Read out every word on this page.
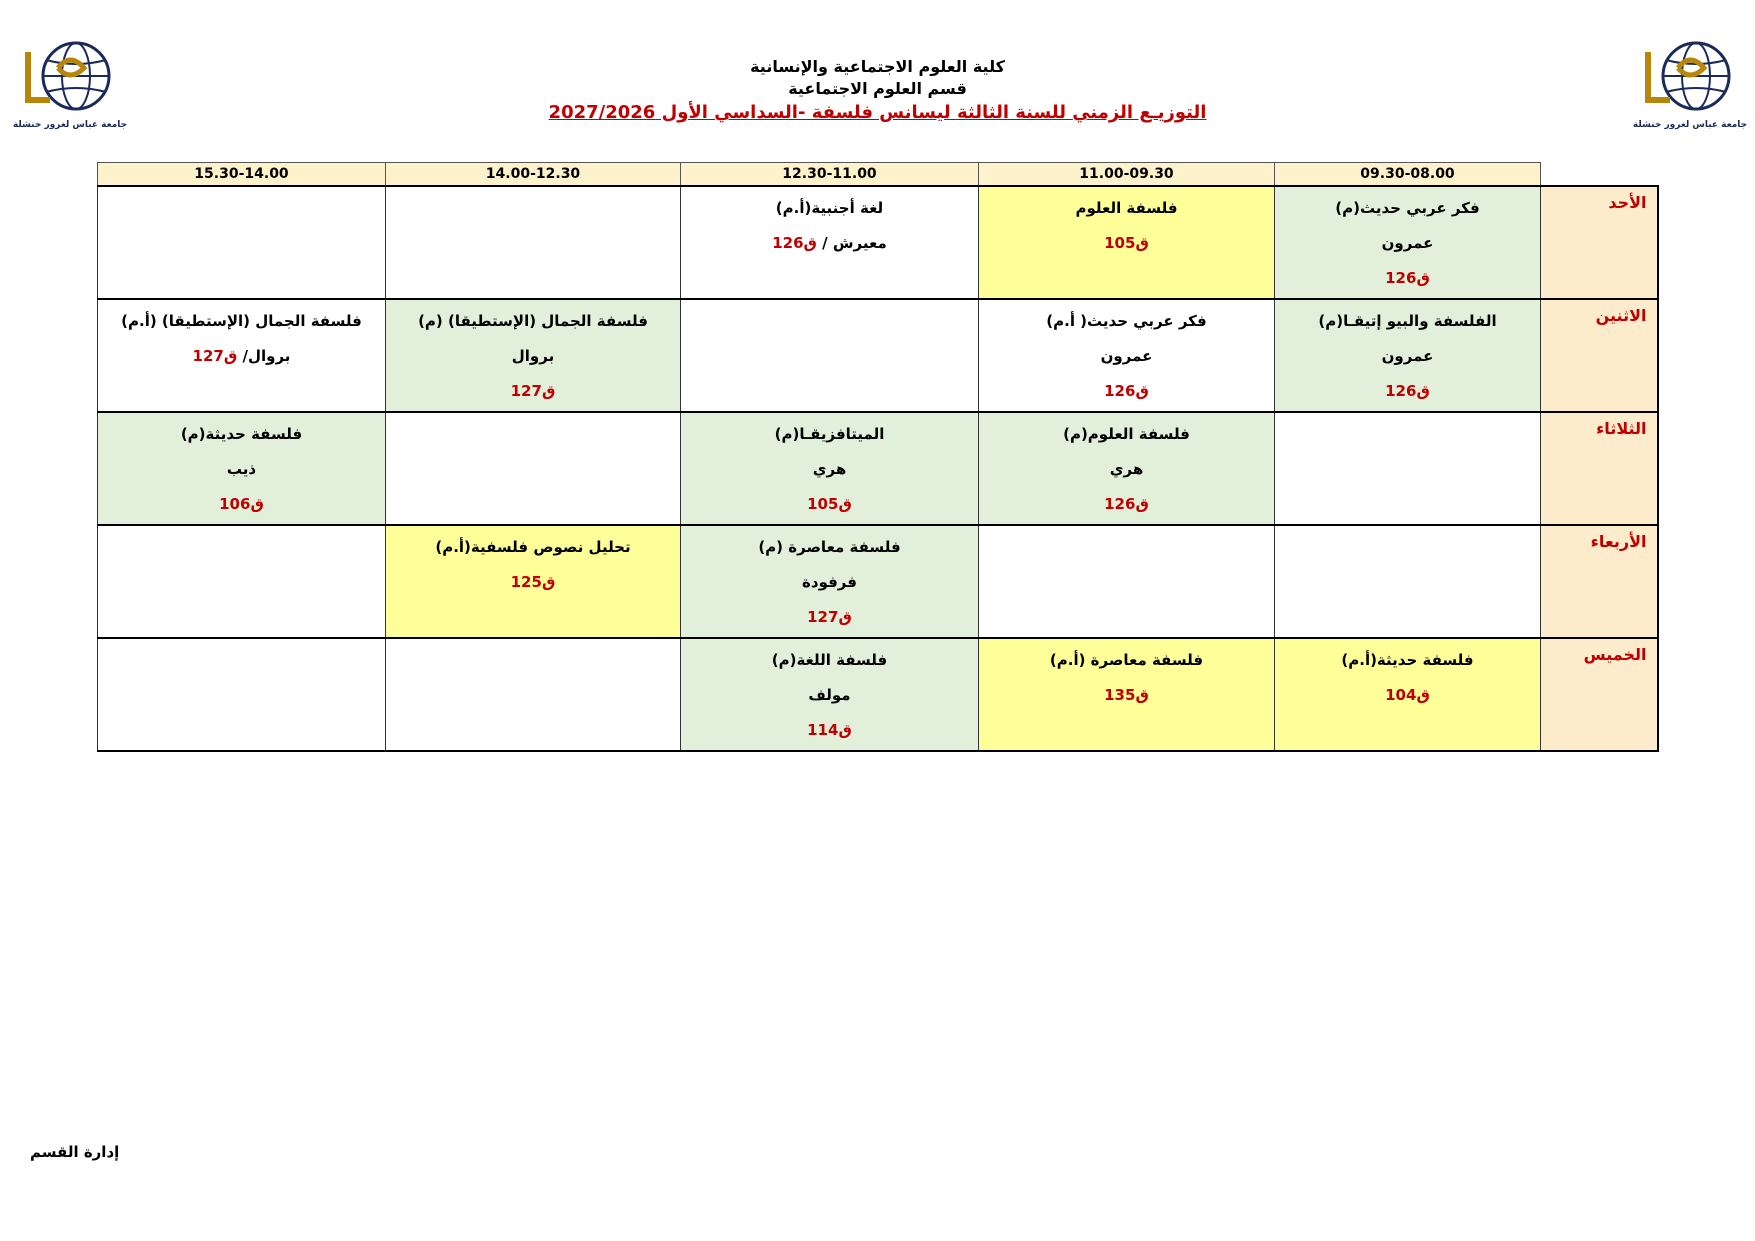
جامعة عباس لغرور خنشلة	جامعة عباس لغرور خنشلة
كلية العلوم الاجتماعية والإنسانية
قسم العلوم الاجتماعية
التوزيـع الزمني للسنة الثالثة ليسانس فلسفة -السداسي الأول 2027/2026
	09.30-08.00	11.00-09.30	12.30-11.00	14.00-12.30	15.30-14.00
الأحد	فكر عربي حديث(م)
عمرون
ق126	فلسفة العلوم
ق105	لغة أجنبية(أ.م)
معيرش / ق126		

الاثنين	الفلسفة والبيو إتيقـا(م)
عمرون
ق126	فكر عربي حديث( أ.م)
عمرون
ق126		فلسفة الجمال (الإستطيقا) (م)
بروال
ق127	فلسفة الجمال (الإستطيقا) (أ.م)
بروال/ ق127

الثلاثاء		فلسفة العلوم(م)
هري
ق126	الميتافزيقـا(م)
هري
ق105		فلسفة حديثة(م)
ذيب
ق106

الأربعاء			فلسفة معاصرة (م)
فرفودة
ق127	تحليل نصوص فلسفية(أ.م)
ق125	

الخميس	فلسفة حديثة(أ.م)
ق104	فلسفة معاصرة (أ.م)
ق135	فلسفة اللغة(م)
مولف
ق114		

إدارة القسم
